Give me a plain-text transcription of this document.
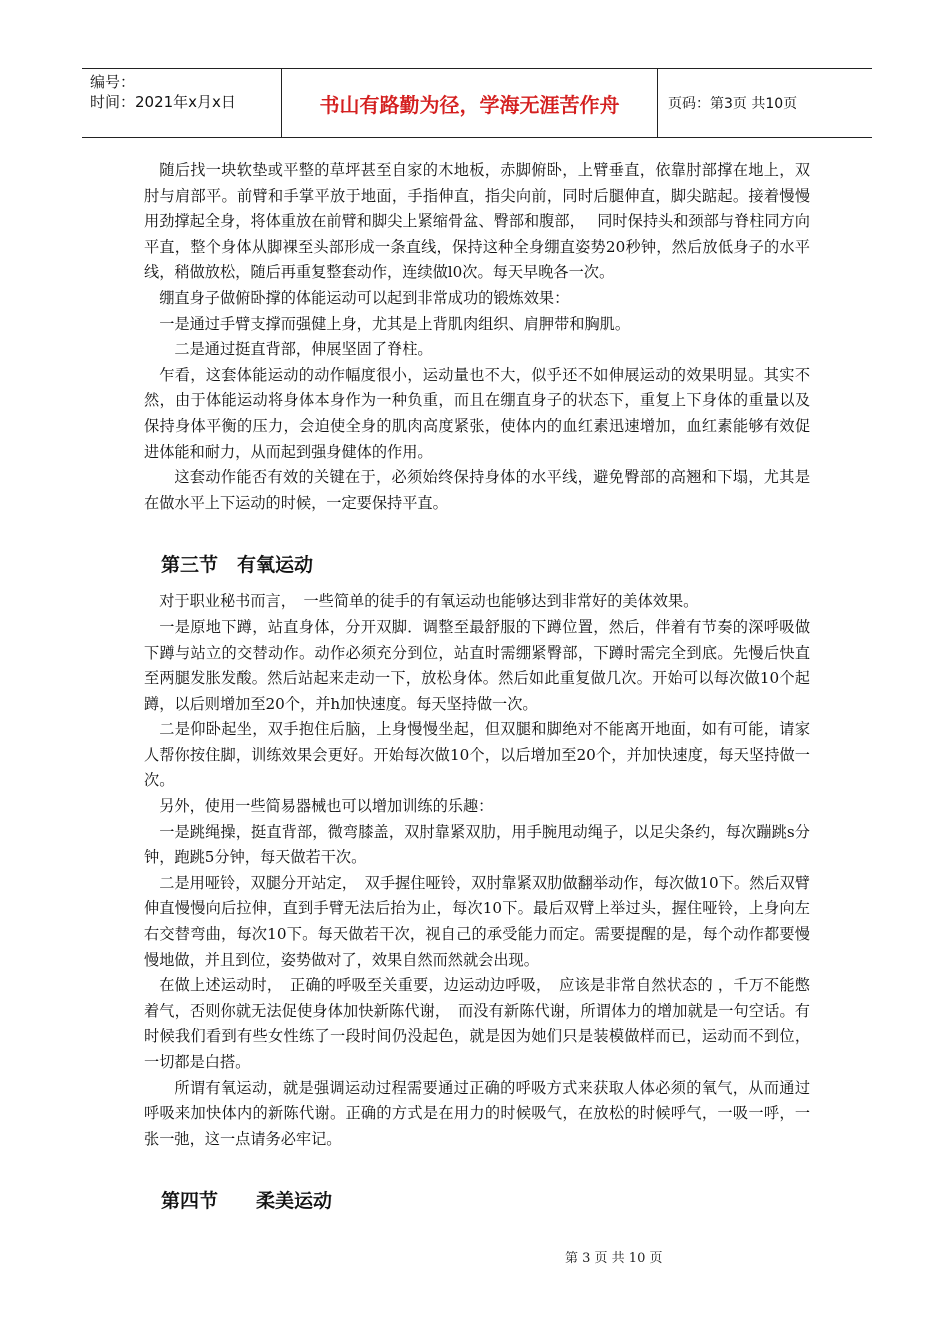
编号：
时间：2021年x月x日	书山有路勤为径，学海无涯苦作舟	页码：第3页 共10页

随后找一块软垫或平整的草坪甚至自家的木地板，赤脚俯卧，上臂垂直，依靠肘部撑在地上，双肘与肩部平。前臂和手掌平放于地面，手指伸直，指尖向前，同时后腿伸直，脚尖踮起。接着慢慢用劲撑起全身，将体重放在前臂和脚尖上紧缩骨盆、臀部和腹部，　 同时保持头和颈部与脊柱同方向平直，整个身体从脚裸至头部形成一条直线，保持这种全身绷直姿势20秒钟，然后放低身子的水平线，稍做放松，随后再重复整套动作，连续做l0次。每天早晚各一次。

绷直身子做俯卧撑的体能运动可以起到非常成功的锻炼效果：

一是通过手臂支撑而强健上身，尤其是上背肌肉组织、肩胛带和胸肌。

二是通过挺直背部，伸展坚固了脊柱。

乍看，这套体能运动的动作幅度很小，运动量也不大，似乎还不如伸展运动的效果明显。其实不然，由于体能运动将身体本身作为一种负重，而且在绷直身子的状态下，重复上下身体的重量以及保持身体平衡的压力，会迫使全身的肌肉高度紧张，使体内的血红素迅速增加，血红素能够有效促进体能和耐力，从而起到强身健体的作用。

这套动作能否有效的关键在于，必须始终保持身体的水平线，避免臀部的高翘和下塌，尤其是在做水平上下运动的时候，一定要保持平直。

第三节　有氧运动

对于职业秘书而言，　一些简单的徒手的有氧运动也能够达到非常好的美体效果。

一是原地下蹲，站直身体，分开双脚．调整至最舒服的下蹲位置，然后，伴着有节奏的深呼吸做下蹲与站立的交替动作。动作必须充分到位，站直时需绷紧臀部，下蹲时需完全到底。先慢后快直至两腿发胀发酸。然后站起来走动一下，放松身体。然后如此重复做几次。开始可以每次做10个起蹲，以后则增加至20个，并h加快速度。每天坚持做一次。

二是仰卧起坐，双手抱住后脑，上身慢慢坐起，但双腿和脚绝对不能离开地面，如有可能，请家人帮你按住脚，训练效果会更好。开始每次做10个，以后增加至20个，并加快速度，每天坚持做一次。

另外，使用一些简易器械也可以增加训练的乐趣：

一是跳绳操，挺直背部，微弯膝盖，双肘靠紧双肋，用手腕甩动绳子，以足尖条约，每次蹦跳s分钟，跑跳5分钟，每天做若干次。

二是用哑铃，双腿分开站定，　双手握住哑铃，双肘靠紧双肋做翻举动作，每次做10下。然后双臂伸直慢慢向后拉伸，直到手臂无法后抬为止，每次10下。最后双臂上举过头，握住哑铃，上身向左右交替弯曲，每次10下。每天做若干次，视自己的承受能力而定。需要提醒的是，每个动作都要慢慢地做，并且到位，姿势做对了，效果自然而然就会出现。

在做上述运动时，　正确的呼吸至关重要，边运动边呼吸，　应该是非常自然状态的 ，千万不能憋着气，否则你就无法促使身体加快新陈代谢，　而没有新陈代谢，所谓体力的增加就是一句空话。有时候我们看到有些女性练了一段时间仍没起色，就是因为她们只是装模做样而已，运动而不到位，一切都是白搭。

所谓有氧运动，就是强调运动过程需要通过正确的呼吸方式来获取人体必须的氧气，从而通过呼吸来加快体内的新陈代谢。正确的方式是在用力的时候吸气，在放松的时候呼气，一吸一呼，一张一弛，这一点请务必牢记。

第四节　　柔美运动
第 3 页 共 10 页
